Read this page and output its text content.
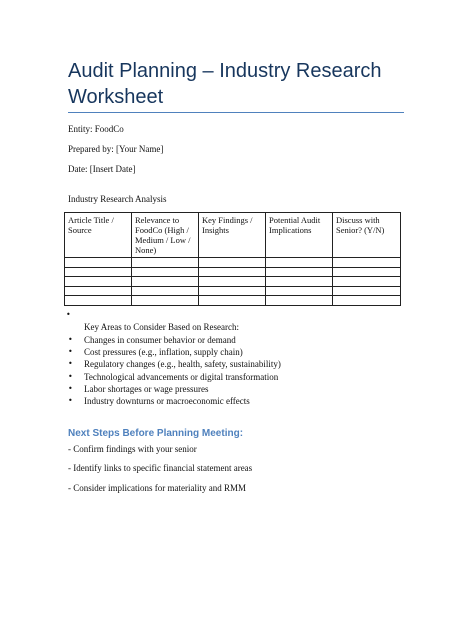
Audit Planning – Industry Research Worksheet
Entity: FoodCo
Prepared by: [Your Name]
Date: [Insert Date]
Industry Research Analysis
Article Title / Source	Relevance to FoodCo (High / Medium / Low / None)	Key Findings / Insights	Potential Audit Implications	Discuss with Senior? (Y/N)

•
Key Areas to Consider Based on Research:
• Changes in consumer behavior or demand
• Cost pressures (e.g., inflation, supply chain)
• Regulatory changes (e.g., health, safety, sustainability)
• Technological advancements or digital transformation
• Labor shortages or wage pressures
• Industry downturns or macroeconomic effects
Next Steps Before Planning Meeting:
- Confirm findings with your senior
- Identify links to specific financial statement areas
- Consider implications for materiality and RMM
